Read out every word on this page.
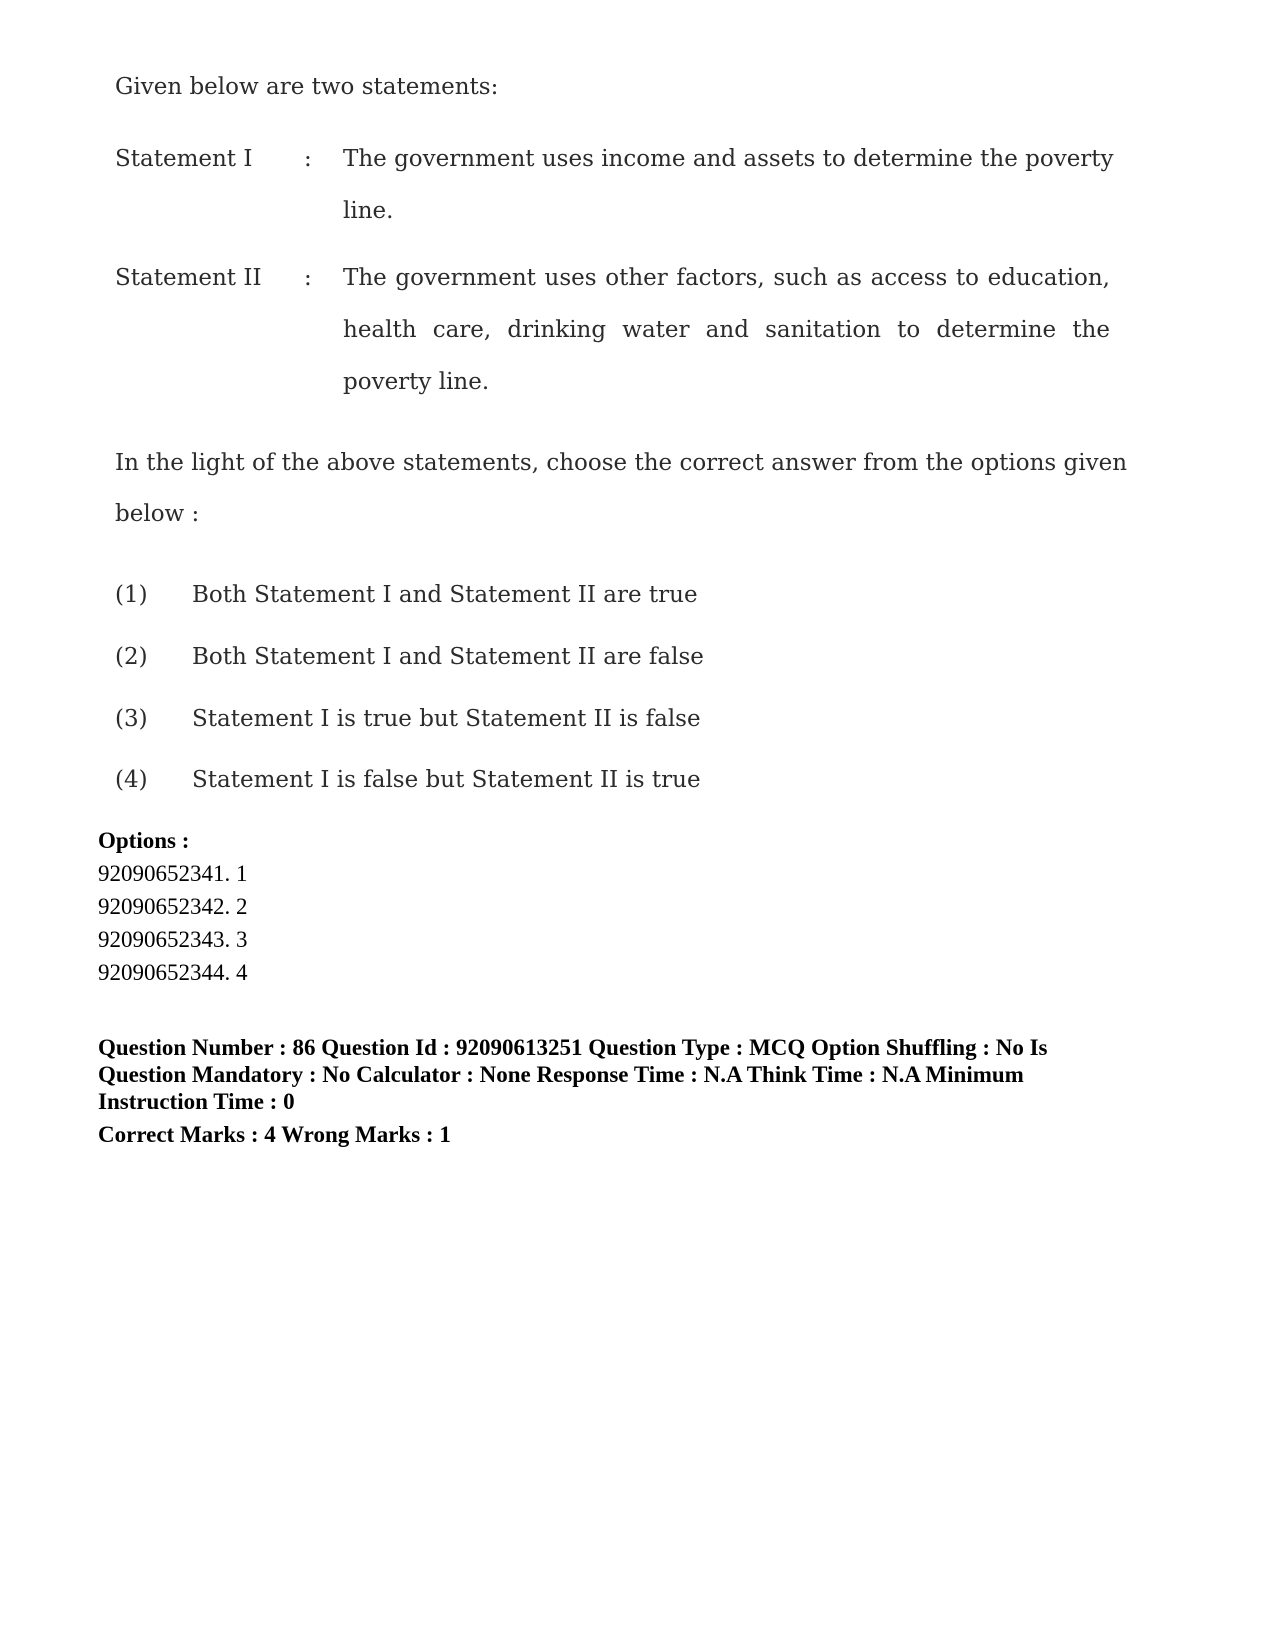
Given below are two statements:
Statement I : The government uses income and assets to determine the poverty
line.
Statement II : The government uses other factors, such as access to education,
health care, drinking water and sanitation to determine the
poverty line.
In the light of the above statements, choose the correct answer from the options given
below :
(1) Both Statement I and Statement II are true
(2) Both Statement I and Statement II are false
(3) Statement I is true but Statement II is false
(4) Statement I is false but Statement II is true
Options :
92090652341. 1
92090652342. 2
92090652343. 3
92090652344. 4
Question Number : 86 Question Id : 92090613251 Question Type : MCQ Option Shuffling : No Is
Question Mandatory : No Calculator : None Response Time : N.A Think Time : N.A Minimum
Instruction Time : 0
Correct Marks : 4 Wrong Marks : 1
